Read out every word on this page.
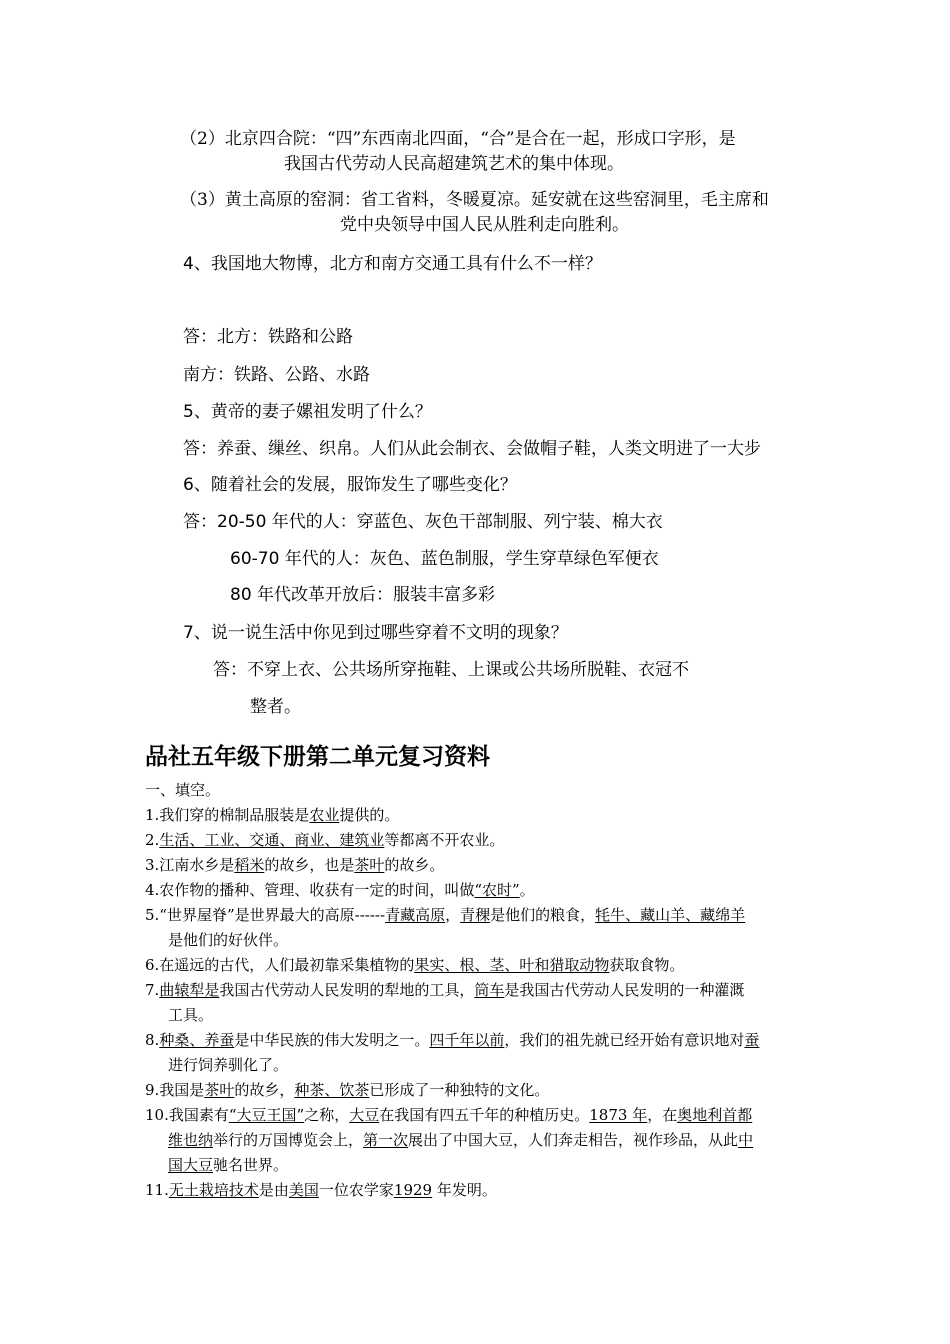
（2）北京四合院：“四”东西南北四面，“合”是合在一起，形成口字形，是
我国古代劳动人民高超建筑艺术的集中体现。
（3）黄土高原的窑洞：省工省料，冬暖夏凉。延安就在这些窑洞里，毛主席和
党中央领导中国人民从胜利走向胜利。
4、我国地大物博，北方和南方交通工具有什么不一样？
答：北方：铁路和公路
南方：铁路、公路、水路
5、黄帝的妻子嫘祖发明了什么？
答：养蚕、缫丝、织帛。人们从此会制衣、会做帽子鞋，人类文明进了一大步
6、随着社会的发展，服饰发生了哪些变化？
答：20-50 年代的人：穿蓝色、灰色干部制服、列宁装、棉大衣
60-70 年代的人：灰色、蓝色制服，学生穿草绿色军便衣
80 年代改革开放后：服装丰富多彩
7、说一说生活中你见到过哪些穿着不文明的现象？
答：不穿上衣、公共场所穿拖鞋、上课或公共场所脱鞋、衣冠不
整者。
品社五年级下册第二单元复习资料
一、填空。
1.我们穿的棉制品服装是农业提供的。
2.生活、工业、交通、商业、建筑业等都离不开农业。
3.江南水乡是稻米的故乡，也是茶叶的故乡。
4.农作物的播种、管理、收获有一定的时间，叫做“农时”。
5.“世界屋脊”是世界最大的高原------青藏高原，青稞是他们的粮食，牦牛、藏山羊、藏绵羊
是他们的好伙伴。
6.在遥远的古代，人们最初靠采集植物的果实、根、茎、叶和猎取动物获取食物。
7.曲辕犁是我国古代劳动人民发明的犁地的工具，筒车是我国古代劳动人民发明的一种灌溉
工具。
8.种桑、养蚕是中华民族的伟大发明之一。四千年以前，我们的祖先就已经开始有意识地对蚕
进行饲养驯化了。
9.我国是茶叶的故乡，种茶、饮茶已形成了一种独特的文化。
10.我国素有“大豆王国”之称，大豆在我国有四五千年的种植历史。1873 年，在奥地利首都
维也纳举行的万国博览会上，第一次展出了中国大豆，人们奔走相告，视作珍品，从此中
国大豆驰名世界。
11.无土栽培技术是由美国一位农学家1929 年发明。
